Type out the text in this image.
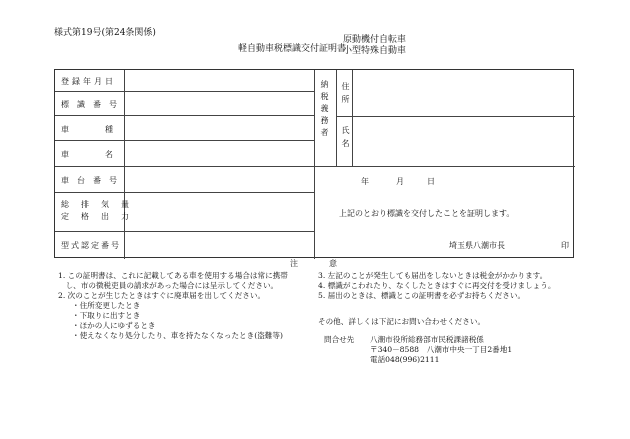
様式第19号(第24条関係)
軽自動車税標識交付証明書
原動機付自転車
小型特殊自動車
登録年月日
標識番号
車種
車名
車台番号
総排気量
定格出力
型式認定番号
納税義務者 住所
氏名
年	月	日
上記のとおり標識を交付したことを証明します。
埼玉県八潮市長	印
注	意
1. この証明書は、これに記載してある車を使用する場合は常に携帯
　し、市の徴税吏員の請求があった場合には呈示してください。
2. 次のことが生じたときはすぐに廃車届を出してください。
・住所変更したとき
・下取りに出すとき
・ほかの人にゆずるとき
・使えなくなり処分したり、車を持たなくなったとき(盗難等)
3. 左記のことが発生しても届出をしないときは税金がかかります。
4. 標識がこわれたり、なくしたときはすぐに再交付を受けましょう。
5. 届出のときは、標識とこの証明書を必ずお持ちください。
その他、詳しくは下記にお問い合わせください。
問合せ先 八潮市役所総務部市民税課諸税係
〒340－8588　八潮市中央一丁目2番地1
電話048(996)2111
